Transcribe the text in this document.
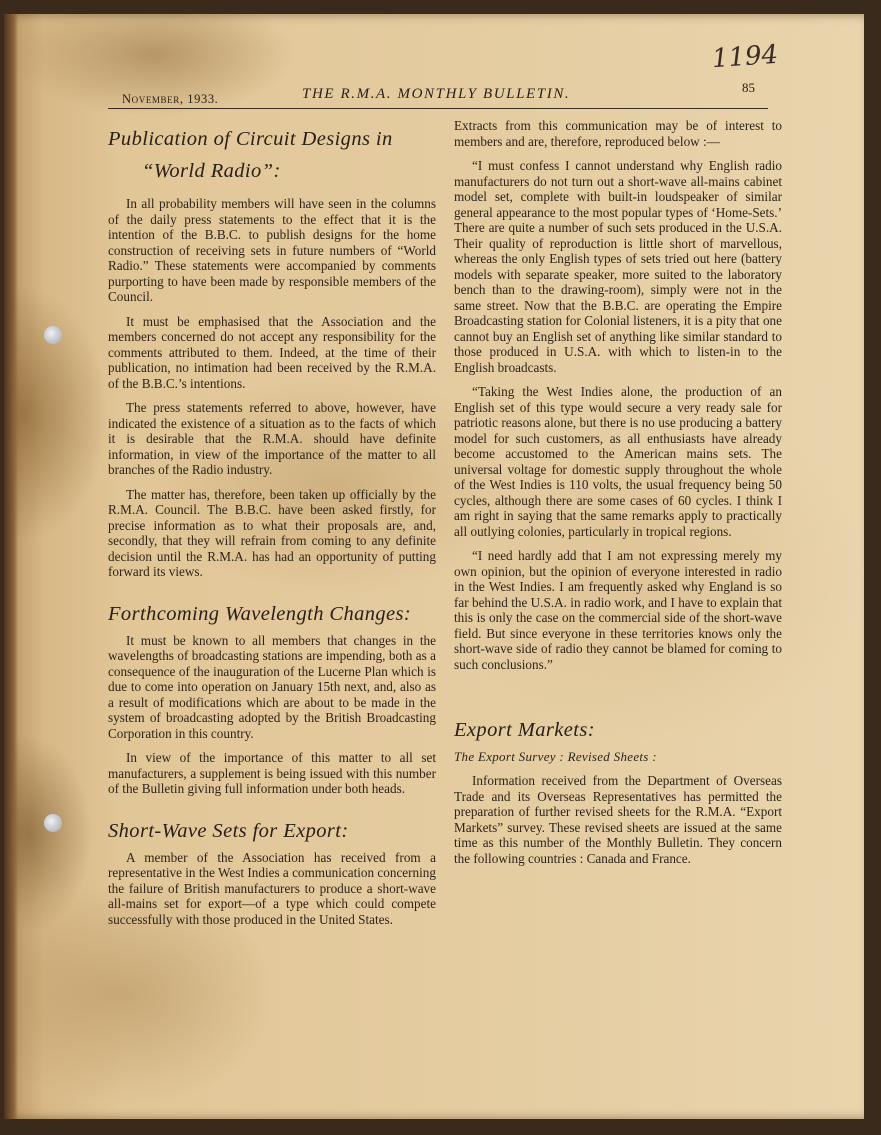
1194
November, 1933.	THE R.M.A. MONTHLY BULLETIN.	85
Publication of Circuit Designs in
“World Radio”:

In all probability members will have seen in the columns of the daily press statements to the effect that it is the intention of the B.B.C. to publish designs for the home construction of receiving sets in future numbers of “World Radio.” These statements were accompanied by comments purporting to have been made by responsible members of the Council.

It must be emphasised that the Association and the members concerned do not accept any responsibility for the comments attributed to them. Indeed, at the time of their publication, no intimation had been received by the R.M.A. of the B.B.C.’s intentions.

The press statements referred to above, however, have indicated the existence of a situation as to the facts of which it is desirable that the R.M.A. should have definite information, in view of the importance of the matter to all branches of the Radio industry.

The matter has, therefore, been taken up officially by the R.M.A. Council. The B.B.C. have been asked firstly, for precise information as to what their proposals are, and, secondly, that they will refrain from coming to any definite decision until the R.M.A. has had an opportunity of putting forward its views.

Forthcoming Wavelength Changes:

It must be known to all members that changes in the wavelengths of broadcasting stations are impending, both as a consequence of the inauguration of the Lucerne Plan which is due to come into operation on January 15th next, and, also as a result of modifications which are about to be made in the system of broadcasting adopted by the British Broadcasting Corporation in this country.

In view of the importance of this matter to all set manufacturers, a supplement is being issued with this number of the Bulletin giving full information under both heads.

Short-Wave Sets for Export:

A member of the Association has received from a representative in the West Indies a communication concerning the failure of British manufacturers to produce a short-wave all-mains set for export—of a type which could compete successfully with those produced in the United States.

Extracts from this communication may be of interest to members and are, therefore, reproduced below :—

“I must confess I cannot understand why English radio manufacturers do not turn out a short-wave all-mains cabinet model set, complete with built-in loudspeaker of similar general appearance to the most popular types of ‘Home-Sets.’ There are quite a number of such sets produced in the U.S.A. Their quality of reproduction is little short of marvellous, whereas the only English types of sets tried out here (battery models with separate speaker, more suited to the laboratory bench than to the drawing-room), simply were not in the same street. Now that the B.B.C. are operating the Empire Broadcasting station for Colonial listeners, it is a pity that one cannot buy an English set of anything like similar standard to those produced in U.S.A. with which to listen-in to the English broadcasts.

“Taking the West Indies alone, the production of an English set of this type would secure a very ready sale for patriotic reasons alone, but there is no use producing a battery model for such customers, as all enthusiasts have already become accustomed to the American mains sets. The universal voltage for domestic supply throughout the whole of the West Indies is 110 volts, the usual frequency being 50 cycles, although there are some cases of 60 cycles. I think I am right in saying that the same remarks apply to practically all outlying colonies, particularly in tropical regions.

“I need hardly add that I am not expressing merely my own opinion, but the opinion of everyone interested in radio in the West Indies. I am frequently asked why England is so far behind the U.S.A. in radio work, and I have to explain that this is only the case on the commercial side of the short-wave field. But since everyone in these territories knows only the short-wave side of radio they cannot be blamed for coming to such conclusions.”

Export Markets:
The Export Survey : Revised Sheets :

Information received from the Department of Overseas Trade and its Overseas Representatives has permitted the preparation of further revised sheets for the R.M.A. “Export Markets” survey. These revised sheets are issued at the same time as this number of the Monthly Bulletin. They concern the following countries : Canada and France.
